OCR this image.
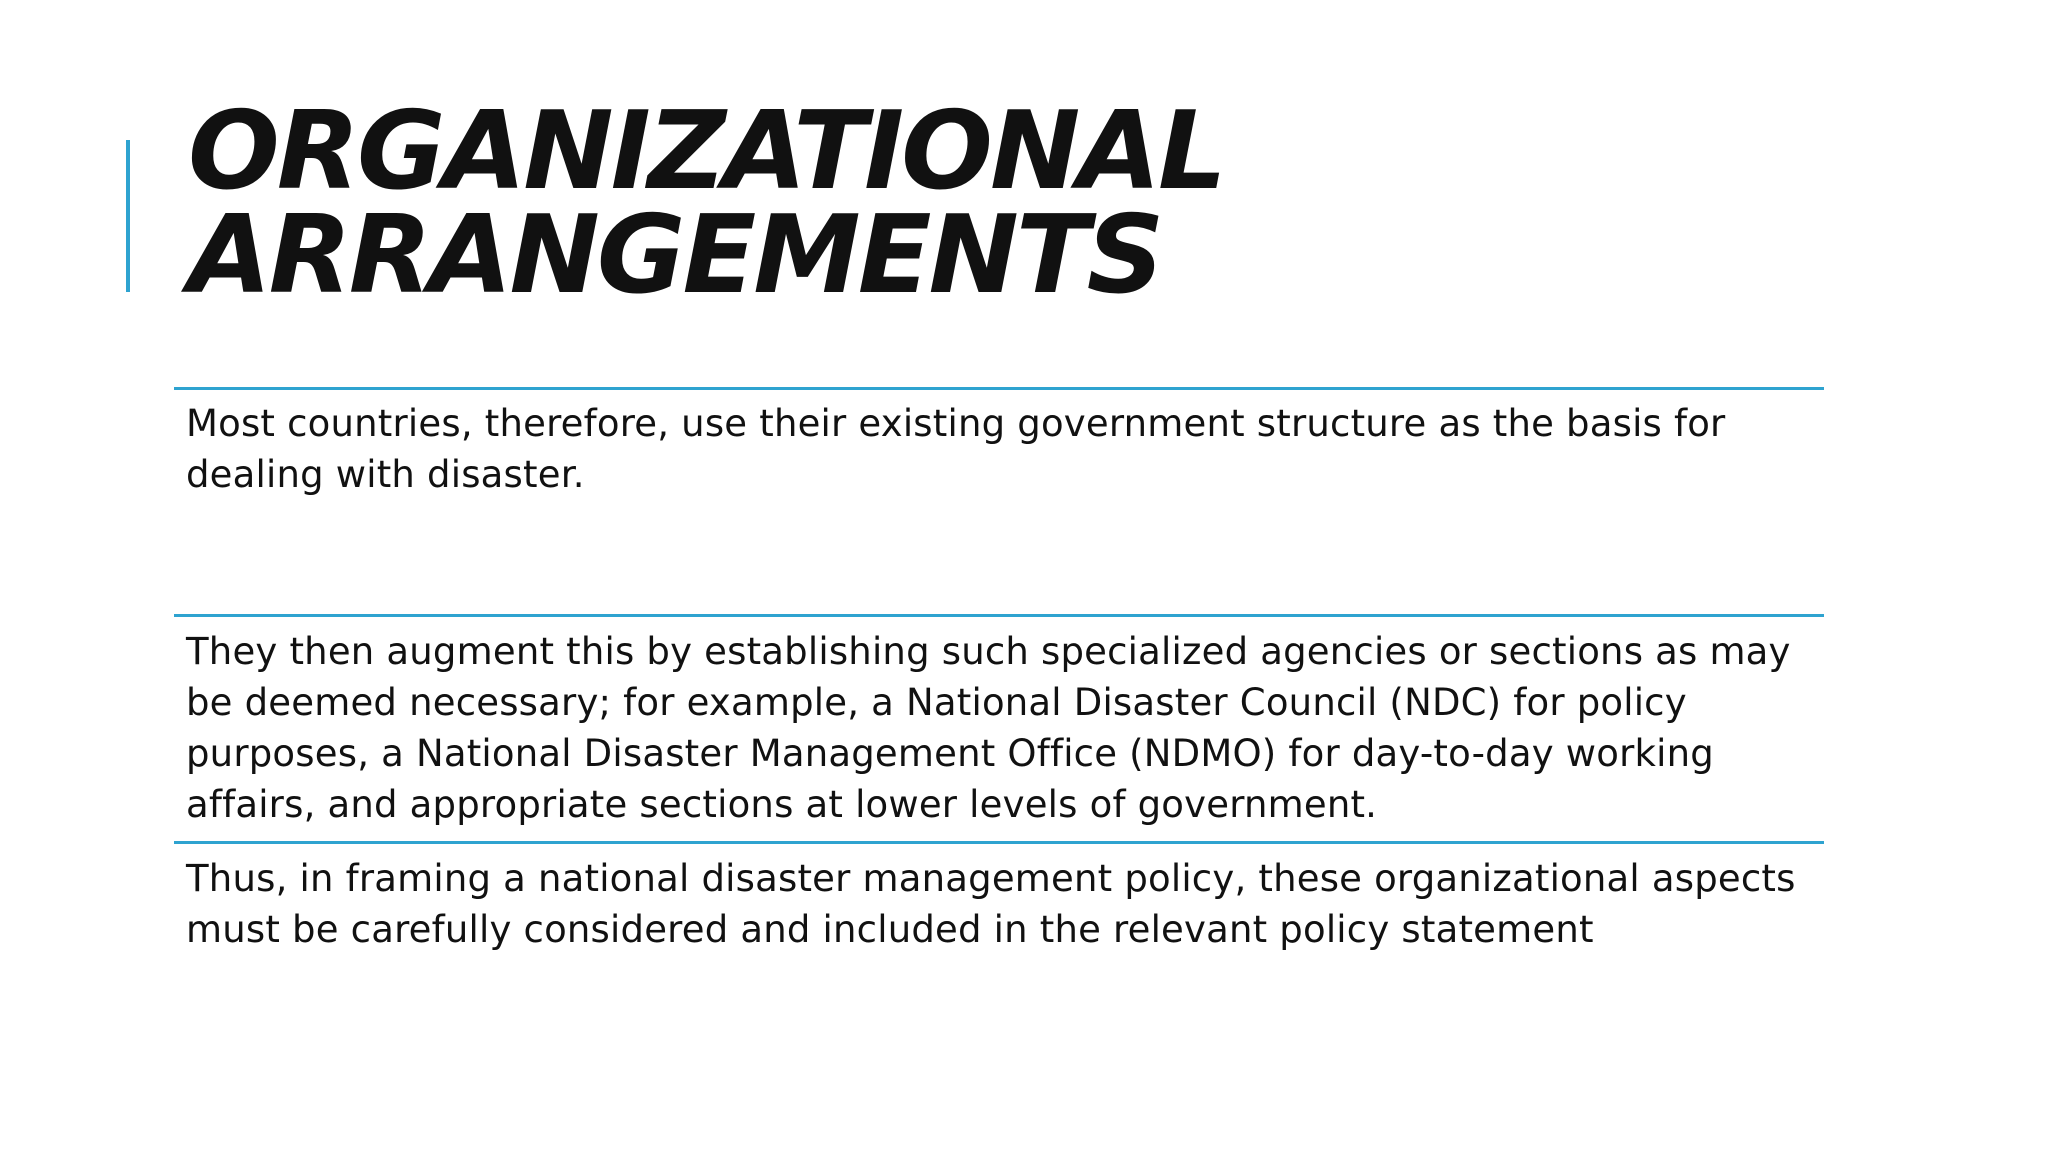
ORGANIZATIONAL
ARRANGEMENTS

Most countries, therefore, use their existing government structure as the basis for dealing with disaster.

They then augment this by establishing such specialized agencies or sections as may be deemed necessary; for example, a National Disaster Council (NDC) for policy purposes, a National Disaster Management Office (NDMO) for day-to-day working affairs, and appropriate sections at lower levels of government.

Thus, in framing a national disaster management policy, these organizational aspects must be carefully considered and included in the relevant policy statement
